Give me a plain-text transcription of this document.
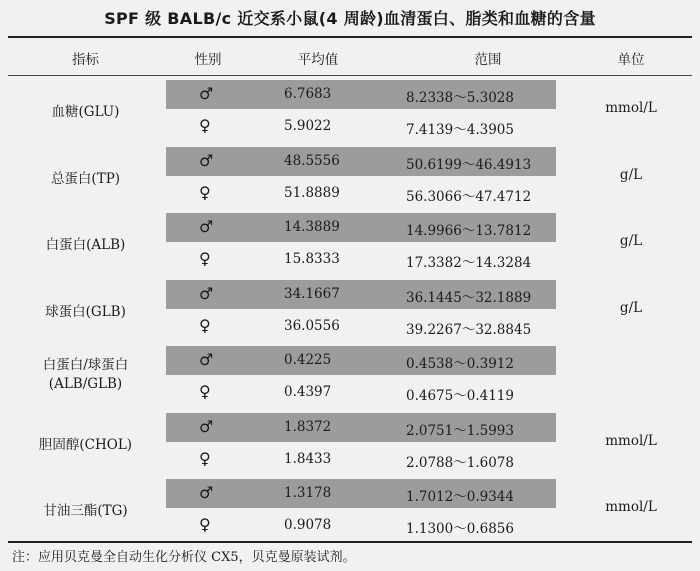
SPF 级 BALB/c 近交系小鼠(4 周龄)血清蛋白、脂类和血糖的含量
指标	性别	平均值	范围	单位
血糖(GLU)
♂	6.7683	8.2338～5.3028
♀	5.9022	7.4139～4.3905
mmol/L
总蛋白(TP)
♂	48.5556	50.6199～46.4913
♀	51.8889	56.3066～47.4712
g/L
白蛋白(ALB)
♂	14.3889	14.9966～13.7812
♀	15.8333	17.3382～14.3284
g/L
球蛋白(GLB)
♂	34.1667	36.1445～32.1889
♀	36.0556	39.2267～32.8845
g/L
白蛋白/球蛋白
(ALB/GLB)
♂	0.4225	0.4538～0.3912
♀	0.4397	0.4675～0.4119
胆固醇(CHOL)
♂	1.8372	2.0751～1.5993
♀	1.8433	2.0788～1.6078
mmol/L
甘油三酯(TG)
♂	1.3178	1.7012～0.9344
♀	0.9078	1.1300～0.6856
mmol/L
注：应用贝克曼全自动生化分析仪 CX5，贝克曼原装试剂。
